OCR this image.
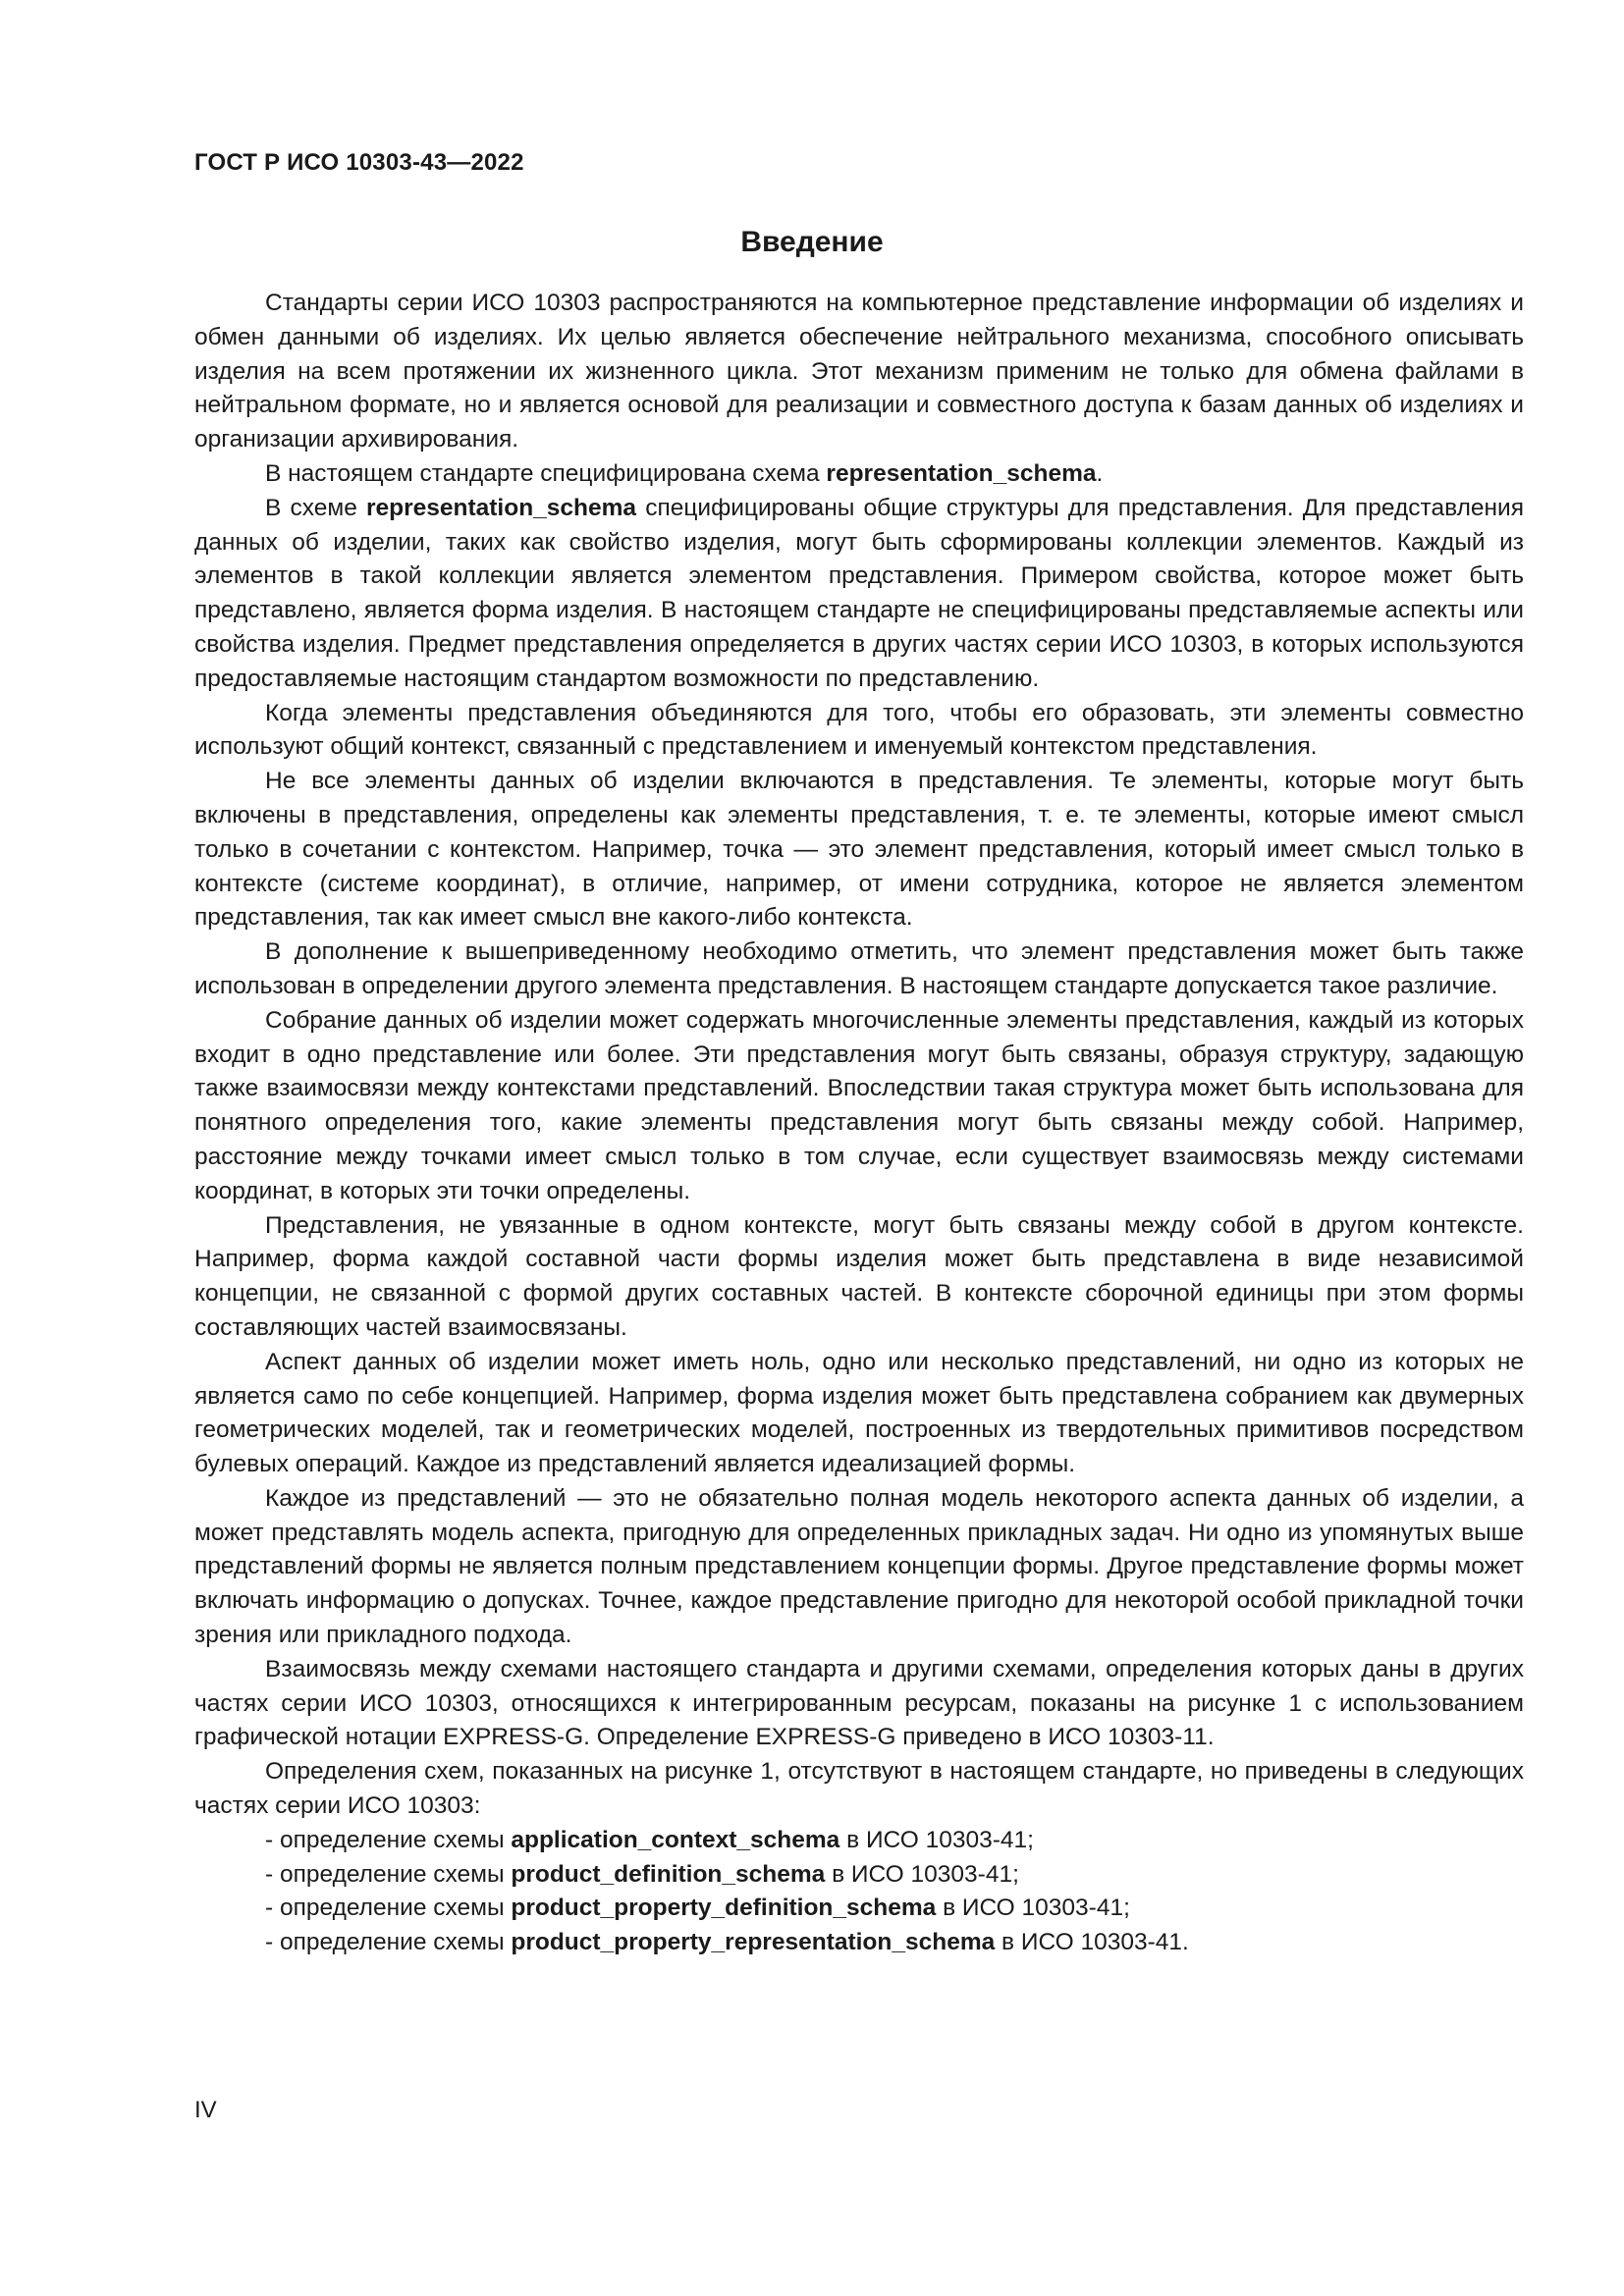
ГОСТ Р ИСО 10303-43—2022
Введение

Стандарты серии ИСО 10303 распространяются на компьютерное представление информации об изделиях и обмен данными об изделиях. Их целью является обеспечение нейтрального механизма, способного описывать изделия на всем протяжении их жизненного цикла. Этот механизм применим не только для обмена файлами в нейтральном формате, но и является основой для реализации и совместного доступа к базам данных об изделиях и организации архивирования.

В настоящем стандарте специфицирована схема representation_schema.

В схеме representation_schema специфицированы общие структуры для представления. Для представления данных об изделии, таких как свойство изделия, могут быть сформированы коллекции элементов. Каждый из элементов в такой коллекции является элементом представления. Примером свойства, которое может быть представлено, является форма изделия. В настоящем стандарте не специфицированы представляемые аспекты или свойства изделия. Предмет представления определяется в других частях серии ИСО 10303, в которых используются предоставляемые настоящим стандартом возможности по представлению.

Когда элементы представления объединяются для того, чтобы его образовать, эти элементы совместно используют общий контекст, связанный с представлением и именуемый контекстом представления.

Не все элементы данных об изделии включаются в представления. Те элементы, которые могут быть включены в представления, определены как элементы представления, т. е. те элементы, которые имеют смысл только в сочетании с контекстом. Например, точка — это элемент представления, который имеет смысл только в контексте (системе координат), в отличие, например, от имени сотрудника, которое не является элементом представления, так как имеет смысл вне какого-либо контекста.

В дополнение к вышеприведенному необходимо отметить, что элемент представления может быть также использован в определении другого элемента представления. В настоящем стандарте допускается такое различие.

Собрание данных об изделии может содержать многочисленные элементы представления, каждый из которых входит в одно представление или более. Эти представления могут быть связаны, образуя структуру, задающую также взаимосвязи между контекстами представлений. Впоследствии такая структура может быть использована для понятного определения того, какие элементы представления могут быть связаны между собой. Например, расстояние между точками имеет смысл только в том случае, если существует взаимосвязь между системами координат, в которых эти точки определены.

Представления, не увязанные в одном контексте, могут быть связаны между собой в другом контексте. Например, форма каждой составной части формы изделия может быть представлена в виде независимой концепции, не связанной с формой других составных частей. В контексте сборочной единицы при этом формы составляющих частей взаимосвязаны.

Аспект данных об изделии может иметь ноль, одно или несколько представлений, ни одно из которых не является само по себе концепцией. Например, форма изделия может быть представлена собранием как двумерных геометрических моделей, так и геометрических моделей, построенных из твердотельных примитивов посредством булевых операций. Каждое из представлений является идеализацией формы.

Каждое из представлений — это не обязательно полная модель некоторого аспекта данных об изделии, а может представлять модель аспекта, пригодную для определенных прикладных задач. Ни одно из упомянутых выше представлений формы не является полным представлением концепции формы. Другое представление формы может включать информацию о допусках. Точнее, каждое представление пригодно для некоторой особой прикладной точки зрения или прикладного подхода.

Взаимосвязь между схемами настоящего стандарта и другими схемами, определения которых даны в других частях серии ИСО 10303, относящихся к интегрированным ресурсам, показаны на рисунке 1 с использованием графической нотации EXPRESS-G. Определение EXPRESS-G приведено в ИСО 10303-11.

Определения схем, показанных на рисунке 1, отсутствуют в настоящем стандарте, но приведены в следующих частях серии ИСО 10303:

- определение схемы application_context_schema в ИСО 10303-41;
- определение схемы product_definition_schema в ИСО 10303-41;
- определение схемы product_property_definition_schema в ИСО 10303-41;
- определение схемы product_property_representation_schema в ИСО 10303-41.
IV
